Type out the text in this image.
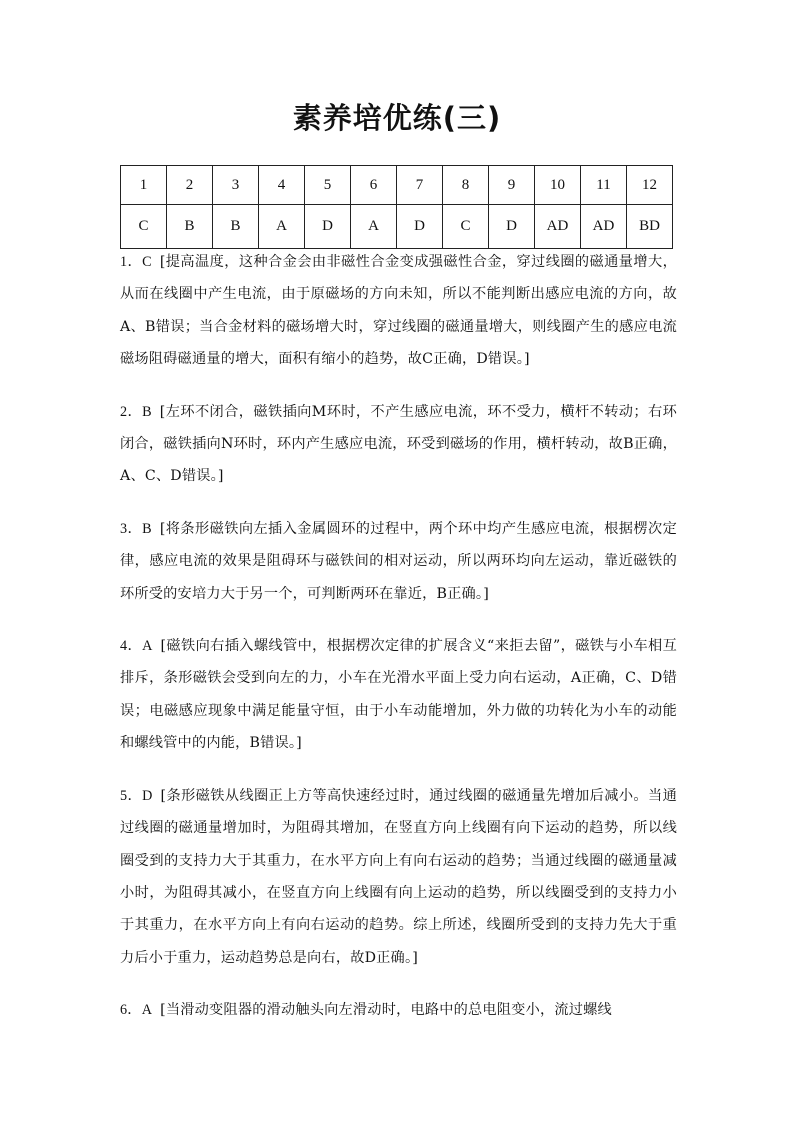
素养培优练(三)
1	2	3	4	5	6	7	8	9	10	11	12
C	B	B	A	D	A	D	C	D	AD	AD	BD

1．C [提高温度，这种合金会由非磁性合金变成强磁性合金，穿过线圈的磁通量增大，从而在线圈中产生电流，由于原磁场的方向未知，所以不能判断出感应电流的方向，故A、B错误；当合金材料的磁场增大时，穿过线圈的磁通量增大，则线圈产生的感应电流磁场阻碍磁通量的增大，面积有缩小的趋势，故C正确，D错误。]

2．B [左环不闭合，磁铁插向M环时，不产生感应电流，环不受力，横杆不转动；右环闭合，磁铁插向N环时，环内产生感应电流，环受到磁场的作用，横杆转动，故B正确，A、C、D错误。]

3．B [将条形磁铁向左插入金属圆环的过程中，两个环中均产生感应电流，根据楞次定律，感应电流的效果是阻碍环与磁铁间的相对运动，所以两环均向左运动，靠近磁铁的环所受的安培力大于另一个，可判断两环在靠近，B正确。]

4．A [磁铁向右插入螺线管中，根据楞次定律的扩展含义“来拒去留”，磁铁与小车相互排斥，条形磁铁会受到向左的力，小车在光滑水平面上受力向右运动，A正确，C、D错误；电磁感应现象中满足能量守恒，由于小车动能增加，外力做的功转化为小车的动能和螺线管中的内能，B错误。]

5．D [条形磁铁从线圈正上方等高快速经过时，通过线圈的磁通量先增加后减小。当通过线圈的磁通量增加时，为阻碍其增加，在竖直方向上线圈有向下运动的趋势，所以线圈受到的支持力大于其重力，在水平方向上有向右运动的趋势；当通过线圈的磁通量减小时，为阻碍其减小，在竖直方向上线圈有向上运动的趋势，所以线圈受到的支持力小于其重力，在水平方向上有向右运动的趋势。综上所述，线圈所受到的支持力先大于重力后小于重力，运动趋势总是向右，故D正确。]

6．A [当滑动变阻器的滑动触头向左滑动时，电路中的总电阻变小，流过螺线
